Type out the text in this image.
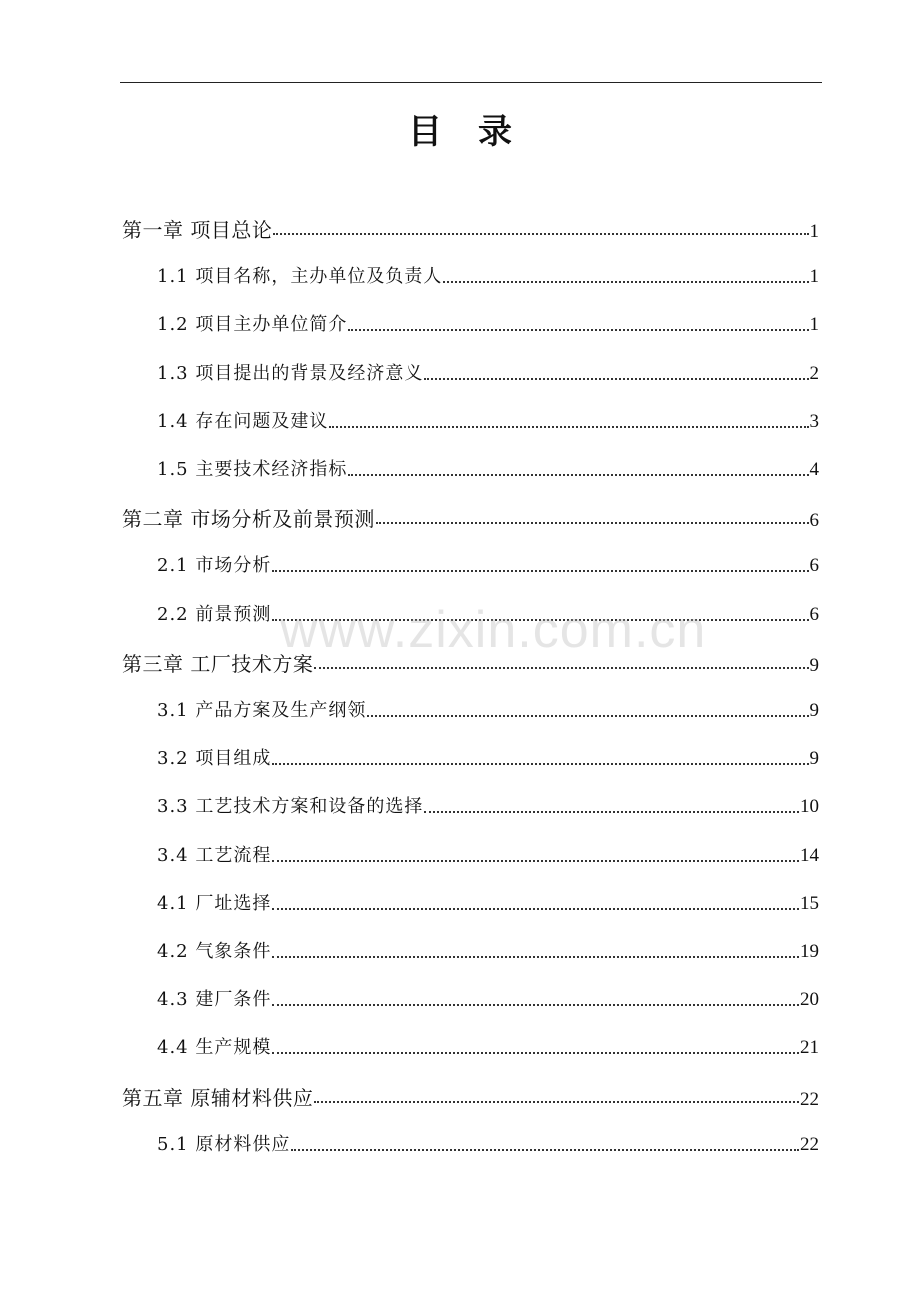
目 录
第一章 项目总论	1
1.1 项目名称，主办单位及负责人	1
1.2 项目主办单位简介	1
1.3 项目提出的背景及经济意义	2
1.4 存在问题及建议	3
1.5 主要技术经济指标	4
第二章 市场分析及前景预测	6
2.1 市场分析	6
2.2 前景预测	6
第三章 工厂技术方案	9
3.1 产品方案及生产纲领	9
3.2 项目组成	9
3.3 工艺技术方案和设备的选择	10
3.4 工艺流程	14
4.1 厂址选择	15
4.2 气象条件	19
4.3 建厂条件	20
4.4 生产规模	21
第五章 原辅材料供应	22
5.1 原材料供应	22
www.zixin.com.cn
